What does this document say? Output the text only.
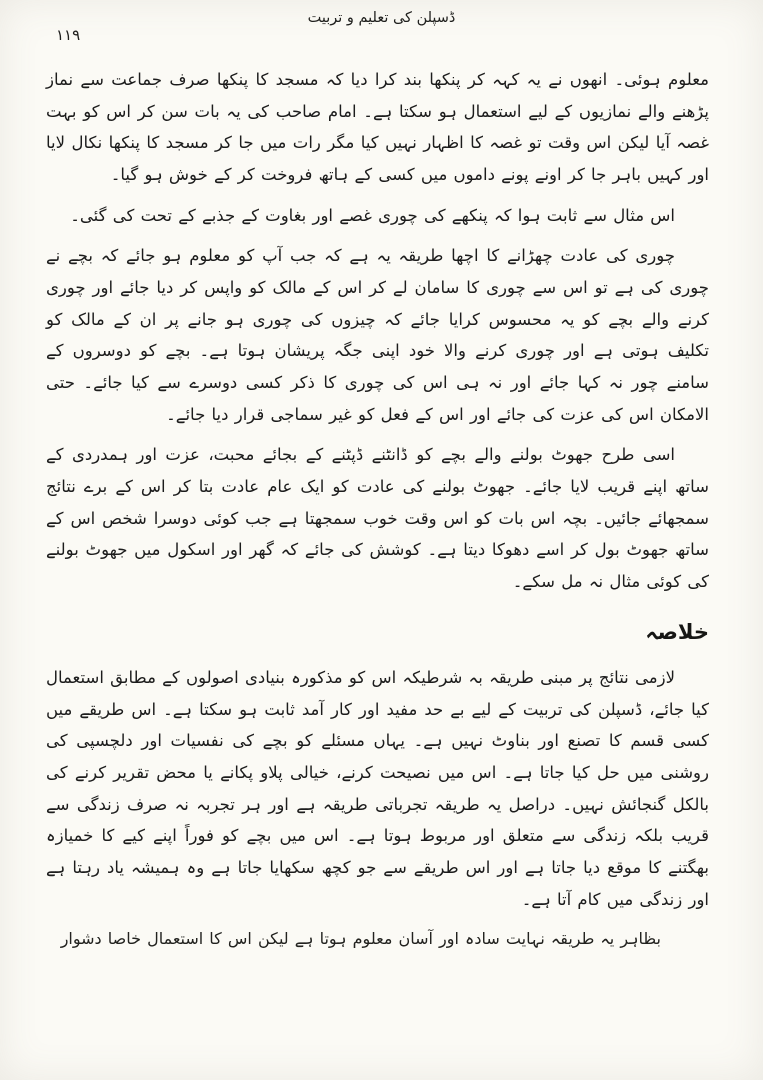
ڈسپلن کی تعلیم و تربیت
۱۱۹

معلوم ہوئی۔ انھوں نے یہ کہہ کر پنکھا بند کرا دیا کہ مسجد کا پنکھا صرف جماعت سے نماز پڑھنے والے نمازیوں کے لیے استعمال ہو سکتا ہے۔ امام صاحب کی یہ بات سن کر اس کو بہت غصہ آیا لیکن اس وقت تو غصہ کا اظہار نہیں کیا مگر رات میں جا کر مسجد کا پنکھا نکال لایا اور کہیں باہر جا کر اونے پونے داموں میں کسی کے ہاتھ فروخت کر کے خوش ہو گیا۔

اس مثال سے ثابت ہوا کہ پنکھے کی چوری غصے اور بغاوت کے جذبے کے تحت کی گئی۔

چوری کی عادت چھڑانے کا اچھا طریقہ یہ ہے کہ جب آپ کو معلوم ہو جائے کہ بچے نے چوری کی ہے تو اس سے چوری کا سامان لے کر اس کے مالک کو واپس کر دیا جائے اور چوری کرنے والے بچے کو یہ محسوس کرایا جائے کہ چیزوں کی چوری ہو جانے پر ان کے مالک کو تکلیف ہوتی ہے اور چوری کرنے والا خود اپنی جگہ پریشان ہوتا ہے۔ بچے کو دوسروں کے سامنے چور نہ کہا جائے اور نہ ہی اس کی چوری کا ذکر کسی دوسرے سے کیا جائے۔ حتی الامکان اس کی عزت کی جائے اور اس کے فعل کو غیر سماجی قرار دیا جائے۔

اسی طرح جھوٹ بولنے والے بچے کو ڈانٹنے ڈپٹنے کے بجائے محبت، عزت اور ہمدردی کے ساتھ اپنے قریب لایا جائے۔ جھوٹ بولنے کی عادت کو ایک عام عادت بتا کر اس کے برے نتائج سمجھائے جائیں۔ بچہ اس بات کو اس وقت خوب سمجھتا ہے جب کوئی دوسرا شخص اس کے ساتھ جھوٹ بول کر اسے دھوکا دیتا ہے۔ کوشش کی جائے کہ گھر اور اسکول میں جھوٹ بولنے کی کوئی مثال نہ مل سکے۔

خلاصہ

لازمی نتائج پر مبنی طریقہ بہ شرطیکہ اس کو مذکورہ بنیادی اصولوں کے مطابق استعمال کیا جائے، ڈسپلن کی تربیت کے لیے بے حد مفید اور کار آمد ثابت ہو سکتا ہے۔ اس طریقے میں کسی قسم کا تصنع اور بناوٹ نہیں ہے۔ یہاں مسئلے کو بچے کی نفسیات اور دلچسپی کی روشنی میں حل کیا جاتا ہے۔ اس میں نصیحت کرنے، خیالی پلاو پکانے یا محض تقریر کرنے کی بالکل گنجائش نہیں۔ دراصل یہ طریقہ تجرباتی طریقہ ہے اور ہر تجربہ نہ صرف زندگی سے قریب بلکہ زندگی سے متعلق اور مربوط ہوتا ہے۔ اس میں بچے کو فوراً اپنے کیے کا خمیازہ بھگتنے کا موقع دیا جاتا ہے اور اس طریقے سے جو کچھ سکھایا جاتا ہے وہ ہمیشہ یاد رہتا ہے اور زندگی میں کام آتا ہے۔

بظاہر یہ طریقہ نہایت سادہ اور آسان معلوم ہوتا ہے لیکن اس کا استعمال خاصا دشوار
